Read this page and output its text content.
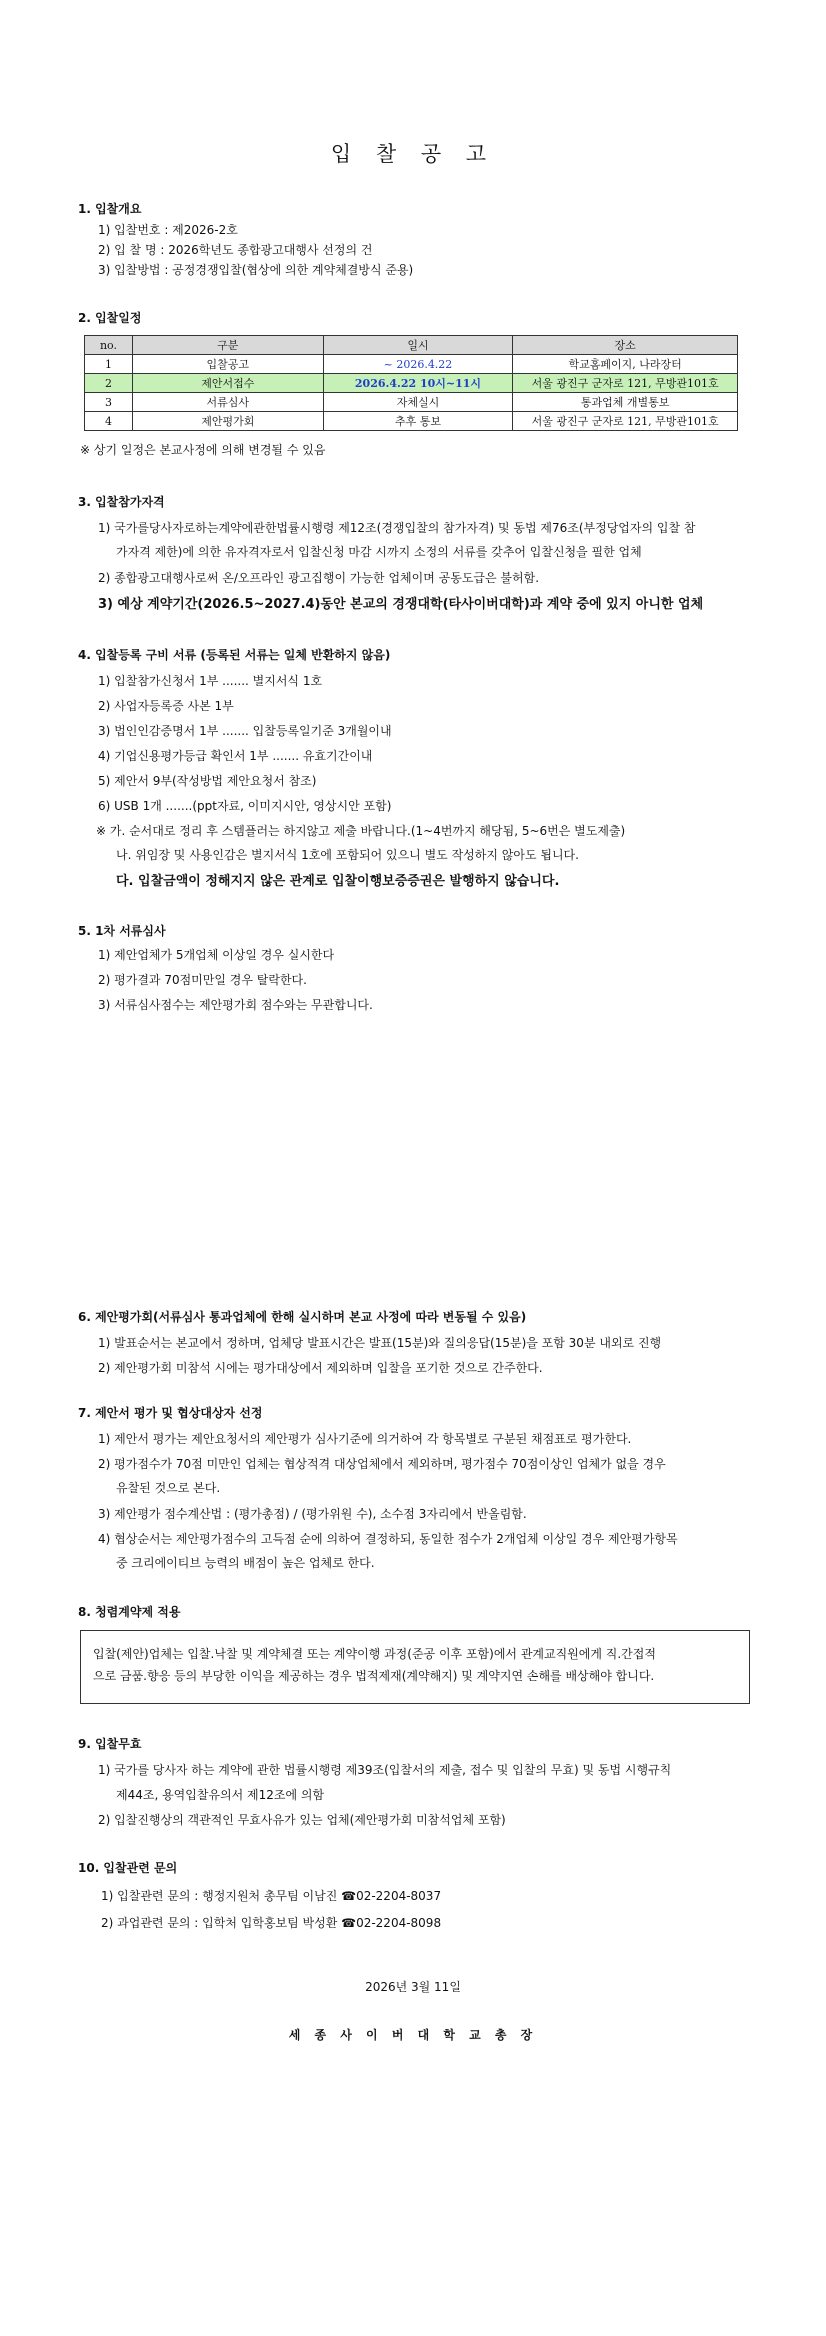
입 찰 공 고
1. 입찰개요
1) 입찰번호 : 제2026-2호
2) 입 찰 명 : 2026학년도 종합광고대행사 선정의 건
3) 입찰방법 : 공정경쟁입찰(협상에 의한 계약체결방식 준용)
2. 입찰일정
no.	구분	일시	장소
1	입찰공고	~ 2026.4.22	학교홈페이지, 나라장터
2	제안서접수	2026.4.22 10시~11시	서울 광진구 군자로 121, 무방관101호
3	서류심사	자체실시	통과업체 개별통보
4	제안평가회	추후 통보	서울 광진구 군자로 121, 무방관101호
※ 상기 일정은 본교사정에 의해 변경될 수 있음
3. 입찰참가자격
1) 국가를당사자로하는계약에관한법률시행령 제12조(경쟁입찰의 참가자격) 및 동법 제76조(부정당업자의 입찰 참
가자격 제한)에 의한 유자격자로서 입찰신청 마감 시까지 소정의 서류를 갖추어 입찰신청을 필한 업체
2) 종합광고대행사로써 온/오프라인 광고집행이 가능한 업체이며 공동도급은 불허함.
3) 예상 계약기간(2026.5~2027.4)동안 본교의 경쟁대학(타사이버대학)과 계약 중에 있지 아니한 업체
4. 입찰등록 구비 서류 (등록된 서류는 일체 반환하지 않음)
1) 입찰참가신청서 1부 ....... 별지서식 1호
2) 사업자등록증 사본 1부
3) 법인인감증명서 1부 ....... 입찰등록일기준 3개월이내
4) 기업신용평가등급 확인서 1부 ....... 유효기간이내
5) 제안서 9부(작성방법 제안요청서 참조)
6) USB 1개 .......(ppt자료, 이미지시안, 영상시안 포함)
※ 가. 순서대로 정리 후 스템플러는 하지않고 제출 바랍니다.(1~4번까지 해당됨, 5~6번은 별도제출)
나. 위임장 및 사용인감은 별지서식 1호에 포함되어 있으니 별도 작성하지 않아도 됩니다.
다. 입찰금액이 정해지지 않은 관계로 입찰이행보증증권은 발행하지 않습니다.
5. 1차 서류심사
1) 제안업체가 5개업체 이상일 경우 실시한다
2) 평가결과 70점미만일 경우 탈락한다.
3) 서류심사점수는 제안평가회 점수와는 무관합니다.
6. 제안평가회(서류심사 통과업체에 한해 실시하며 본교 사정에 따라 변동될 수 있음)
1) 발표순서는 본교에서 정하며, 업체당 발표시간은 발표(15분)와 질의응답(15분)을 포함 30분 내외로 진행
2) 제안평가회 미참석 시에는 평가대상에서 제외하며 입찰을 포기한 것으로 간주한다.
7. 제안서 평가 및 협상대상자 선정
1) 제안서 평가는 제안요청서의 제안평가 심사기준에 의거하여 각 항목별로 구분된 채점표로 평가한다.
2) 평가점수가 70점 미만인 업체는 협상적격 대상업체에서 제외하며, 평가점수 70점이상인 업체가 없을 경우
유찰된 것으로 본다.
3) 제안평가 점수계산법 : (평가총점) / (평가위원 수), 소수점 3자리에서 반올림함.
4) 협상순서는 제안평가점수의 고득점 순에 의하여 결정하되, 동일한 점수가 2개업체 이상일 경우 제안평가항목
중 크리에이티브 능력의 배점이 높은 업체로 한다.
8. 청렴계약제 적용
입찰(제안)업체는 입찰.낙찰 및 계약체결 또는 계약이행 과정(준공 이후 포함)에서 관계교직원에게 직.간접적
으로 금품.향응 등의 부당한 이익을 제공하는 경우 법적제재(계약해지) 및 계약지연 손해를 배상해야 합니다.
9. 입찰무효
1) 국가를 당사자 하는 계약에 관한 법률시행령 제39조(입찰서의 제출, 접수 및 입찰의 무효) 및 동법 시행규칙
제44조, 용역입찰유의서 제12조에 의함
2) 입찰진행상의 객관적인 무효사유가 있는 업체(제안평가회 미참석업체 포함)
10. 입찰관련 문의
1) 입찰관련 문의 : 행정지원처 총무팀 이남진 ☎02-2204-8037
2) 과업관련 문의 : 입학처 입학홍보팀 박성환 ☎02-2204-8098
2026년 3월 11일
세 종 사 이 버 대 학 교 총 장
